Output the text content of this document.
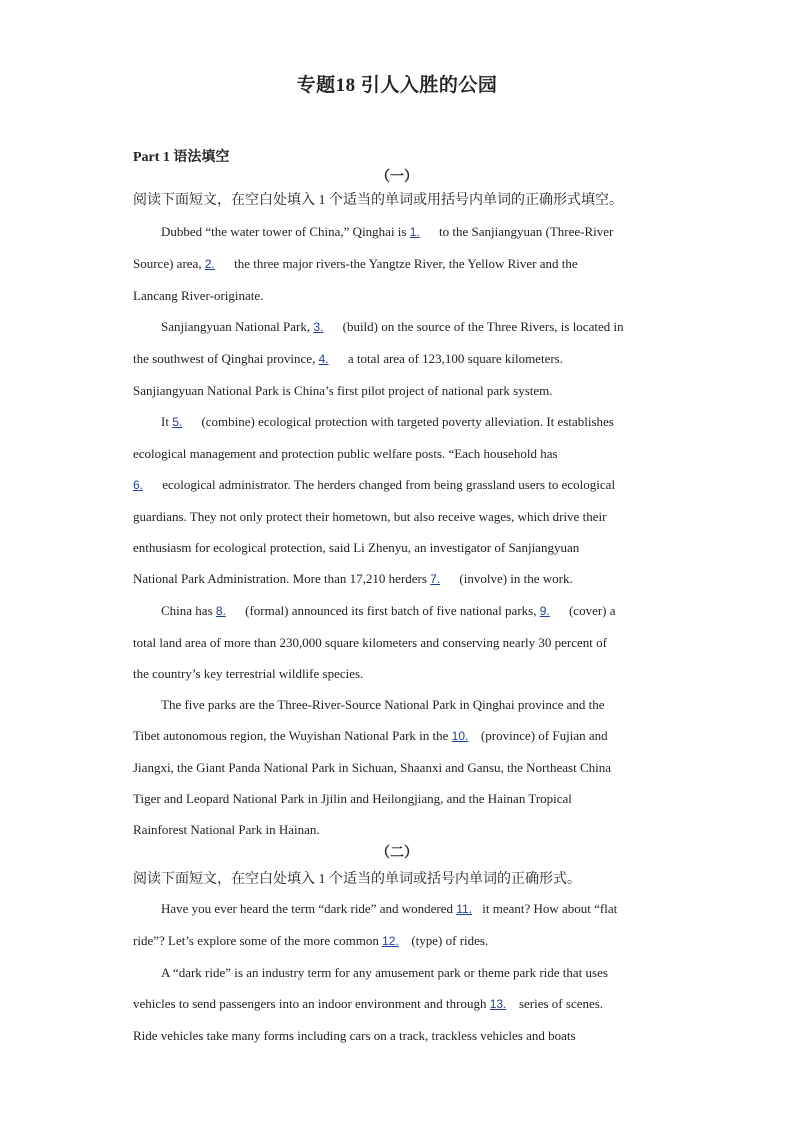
专题18 引人入胜的公园
Part 1 语法填空
（一）
阅读下面短文，在空白处填入 1 个适当的单词或用括号内单词的正确形式填空。
Dubbed “the water tower of China,” Qinghai is 1. to the Sanjiangyuan (Three-River
Source) area, 2. the three major rivers-the Yangtze River, the Yellow River and the
Lancang River-originate.
Sanjiangyuan National Park, 3. (build) on the source of the Three Rivers, is located in
the southwest of Qinghai province, 4. a total area of 123,100 square kilometers.
Sanjiangyuan National Park is China’s first pilot project of national park system.
It 5. (combine) ecological protection with targeted poverty alleviation. It establishes
ecological management and protection public welfare posts. “Each household has
6. ecological administrator. The herders changed from being grassland users to ecological
guardians. They not only protect their hometown, but also receive wages, which drive their
enthusiasm for ecological protection, said Li Zhenyu, an investigator of Sanjiangyuan
National Park Administration. More than 17,210 herders 7. (involve) in the work.
China has 8. (formal) announced its first batch of five national parks, 9. (cover) a
total land area of more than 230,000 square kilometers and conserving nearly 30 percent of
the country’s key terrestrial wildlife species.
The five parks are the Three-River-Source National Park in Qinghai province and the
Tibet autonomous region, the Wuyishan National Park in the 10. (province) of Fujian and
Jiangxi, the Giant Panda National Park in Sichuan, Shaanxi and Gansu, the Northeast China
Tiger and Leopard National Park in Jjilin and Heilongjiang, and the Hainan Tropical
Rainforest National Park in Hainan.
（二）
阅读下面短文，在空白处填入 1 个适当的单词或括号内单词的正确形式。
Have you ever heard the term “dark ride” and wondered 11. it meant? How about “flat
ride”? Let’s explore some of the more common 12. (type) of rides.
A “dark ride” is an industry term for any amusement park or theme park ride that uses
vehicles to send passengers into an indoor environment and through 13. series of scenes.
Ride vehicles take many forms including cars on a track, trackless vehicles and boats
